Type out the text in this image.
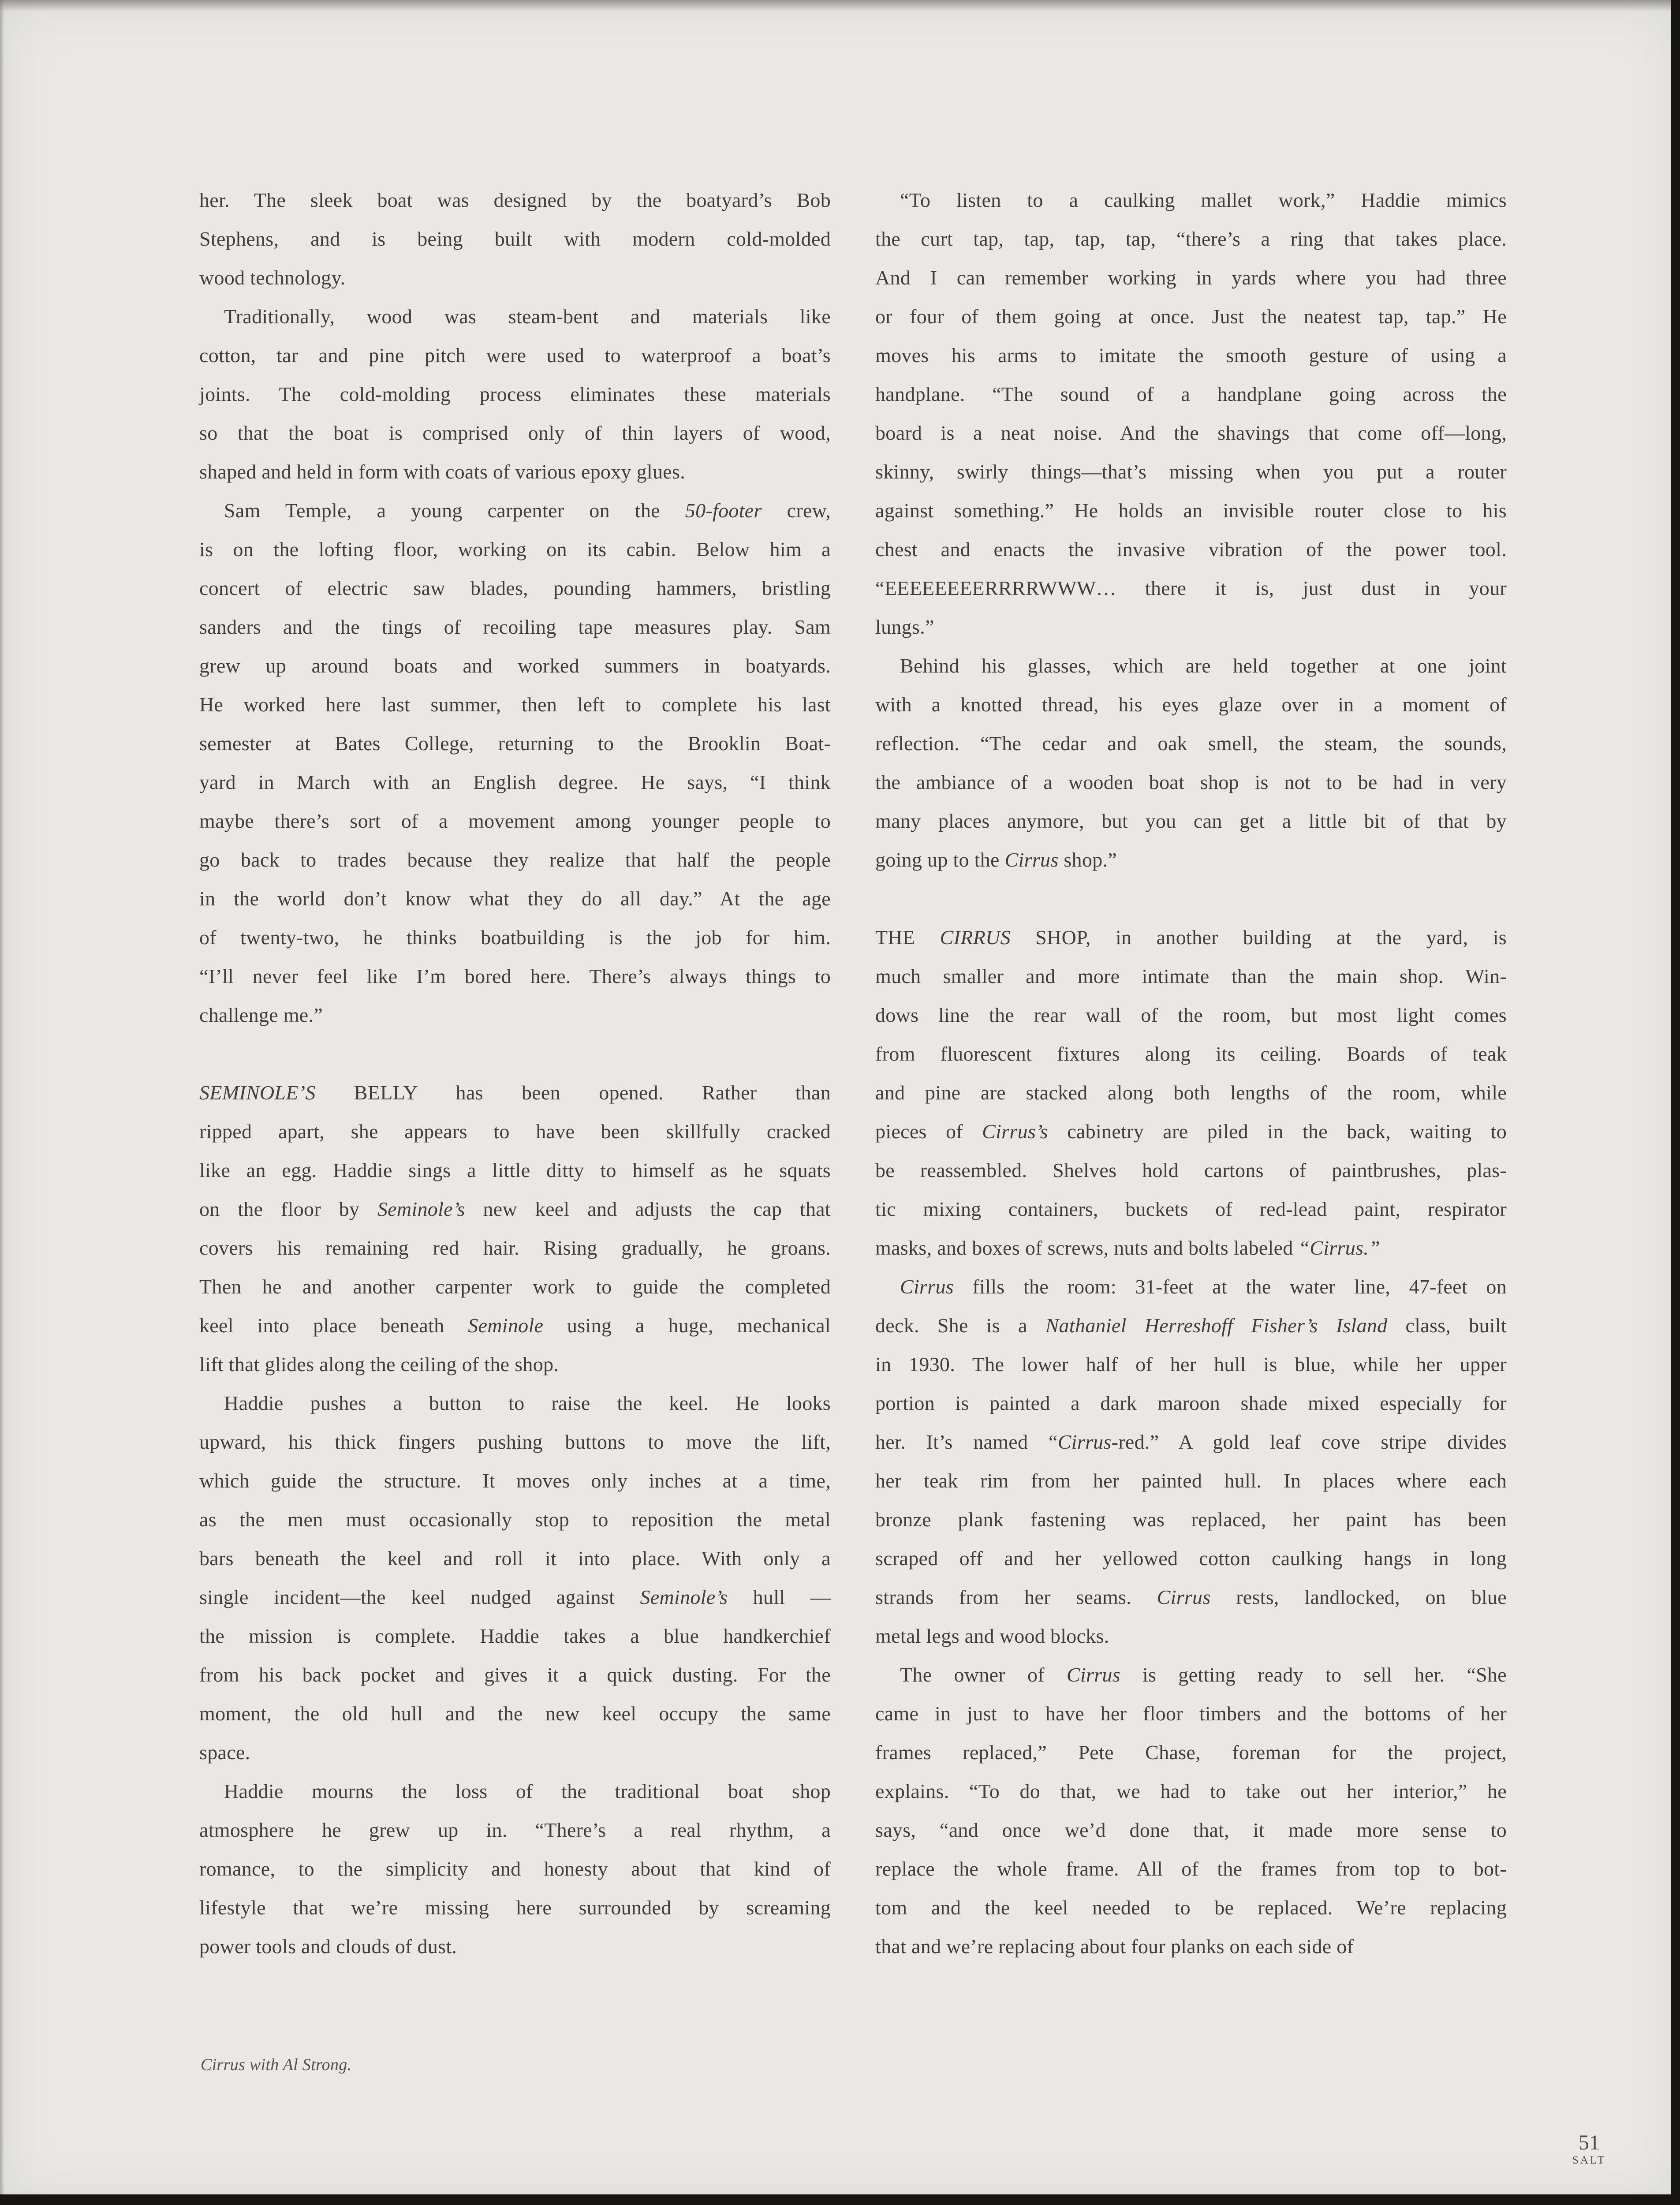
her. The sleek boat was designed by the boatyard’s Bob
Stephens, and is being built with modern cold-molded
wood technology.
Traditionally, wood was steam-bent and materials like
cotton, tar and pine pitch were used to waterproof a boat’s
joints. The cold-molding process eliminates these materials
so that the boat is comprised only of thin layers of wood,
shaped and held in form with coats of various epoxy glues.
Sam Temple, a young carpenter on the 50-footer crew,
is on the lofting floor, working on its cabin. Below him a
concert of electric saw blades, pounding hammers, bristling
sanders and the tings of recoiling tape measures play. Sam
grew up around boats and worked summers in boatyards.
He worked here last summer, then left to complete his last
semester at Bates College, returning to the Brooklin Boat-
yard in March with an English degree. He says, “I think
maybe there’s sort of a movement among younger people to
go back to trades because they realize that half the people
in the world don’t know what they do all day.” At the age
of twenty-two, he thinks boatbuilding is the job for him.
“I’ll never feel like I’m bored here. There’s always things to
challenge me.”
SEMINOLE’S BELLY has been opened. Rather than
ripped apart, she appears to have been skillfully cracked
like an egg. Haddie sings a little ditty to himself as he squats
on the floor by Seminole’s new keel and adjusts the cap that
covers his remaining red hair. Rising gradually, he groans.
Then he and another carpenter work to guide the completed
keel into place beneath Seminole using a huge, mechanical
lift that glides along the ceiling of the shop.
Haddie pushes a button to raise the keel. He looks
upward, his thick fingers pushing buttons to move the lift,
which guide the structure. It moves only inches at a time,
as the men must occasionally stop to reposition the metal
bars beneath the keel and roll it into place. With only a
single incident—the keel nudged against Seminole’s hull —
the mission is complete. Haddie takes a blue handkerchief
from his back pocket and gives it a quick dusting. For the
moment, the old hull and the new keel occupy the same
space.
Haddie mourns the loss of the traditional boat shop
atmosphere he grew up in. “There’s a real rhythm, a
romance, to the simplicity and honesty about that kind of
lifestyle that we’re missing here surrounded by screaming
power tools and clouds of dust.
“To listen to a caulking mallet work,” Haddie mimics
the curt tap, tap, tap, tap, “there’s a ring that takes place.
And I can remember working in yards where you had three
or four of them going at once. Just the neatest tap, tap.” He
moves his arms to imitate the smooth gesture of using a
handplane. “The sound of a handplane going across the
board is a neat noise. And the shavings that come off—long,
skinny, swirly things—that’s missing when you put a router
against something.” He holds an invisible router close to his
chest and enacts the invasive vibration of the power tool.
“EEEEEEEERRRRWWW… there it is, just dust in your
lungs.”
Behind his glasses, which are held together at one joint
with a knotted thread, his eyes glaze over in a moment of
reflection. “The cedar and oak smell, the steam, the sounds,
the ambiance of a wooden boat shop is not to be had in very
many places anymore, but you can get a little bit of that by
going up to the Cirrus shop.”
THE CIRRUS SHOP, in another building at the yard, is
much smaller and more intimate than the main shop. Win-
dows line the rear wall of the room, but most light comes
from fluorescent fixtures along its ceiling. Boards of teak
and pine are stacked along both lengths of the room, while
pieces of Cirrus’s cabinetry are piled in the back, waiting to
be reassembled. Shelves hold cartons of paintbrushes, plas-
tic mixing containers, buckets of red-lead paint, respirator
masks, and boxes of screws, nuts and bolts labeled “Cirrus.”
Cirrus fills the room: 31-feet at the water line, 47-feet on
deck. She is a Nathaniel Herreshoff Fisher’s Island class, built
in 1930. The lower half of her hull is blue, while her upper
portion is painted a dark maroon shade mixed especially for
her. It’s named “Cirrus-red.” A gold leaf cove stripe divides
her teak rim from her painted hull. In places where each
bronze plank fastening was replaced, her paint has been
scraped off and her yellowed cotton caulking hangs in long
strands from her seams. Cirrus rests, landlocked, on blue
metal legs and wood blocks.
The owner of Cirrus is getting ready to sell her. “She
came in just to have her floor timbers and the bottoms of her
frames replaced,” Pete Chase, foreman for the project,
explains. “To do that, we had to take out her interior,” he
says, “and once we’d done that, it made more sense to
replace the whole frame. All of the frames from top to bot-
tom and the keel needed to be replaced. We’re replacing
that and we’re replacing about four planks on each side of
Cirrus with Al Strong.
51
SALT
